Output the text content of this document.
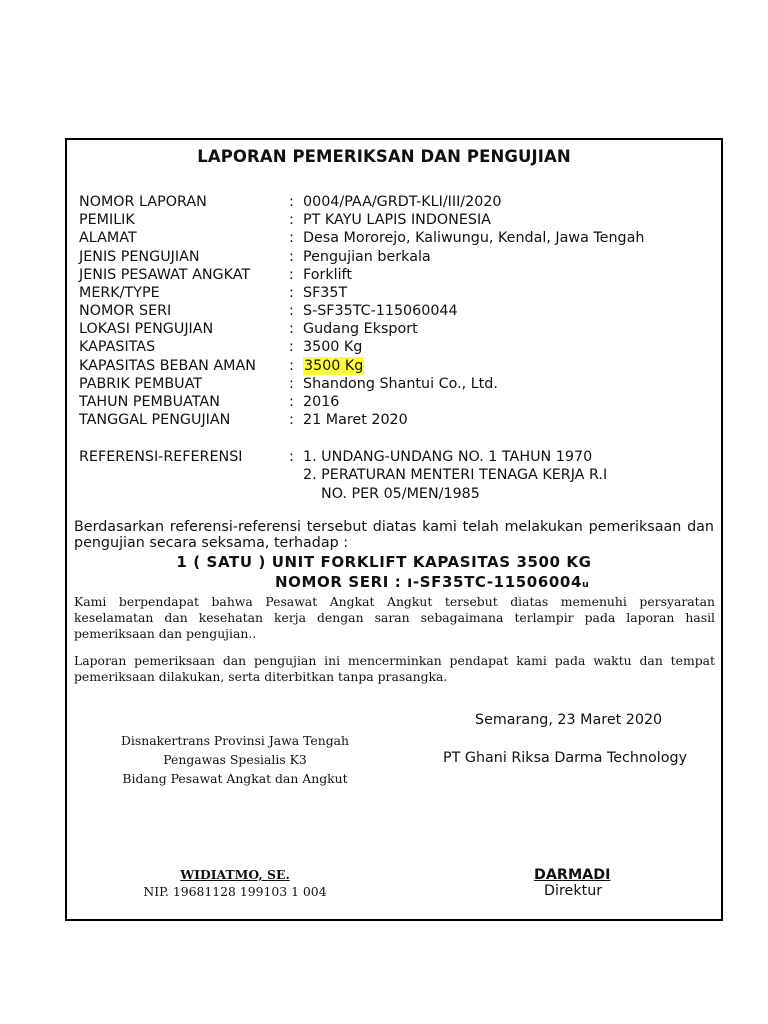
LAPORAN PEMERIKSAN DAN PENGUJIAN
NOMOR LAPORAN	: 0004/PAA/GRDT-KLI/III/2020
PEMILIK	: PT KAYU LAPIS INDONESIA
ALAMAT	: Desa Mororejo, Kaliwungu, Kendal, Jawa Tengah
JENIS PENGUJIAN	: Pengujian berkala
JENIS PESAWAT ANGKAT	: Forklift
MERK/TYPE	: SF35T
NOMOR SERI	: S-SF35TC-115060044
LOKASI PENGUJIAN	: Gudang Eksport
KAPASITAS	: 3500 Kg
KAPASITAS BEBAN AMAN : 3500 Kg
PABRIK PEMBUAT	: Shandong Shantui Co., Ltd.
TAHUN PEMBUATAN	: 2016
TANGGAL PENGUJIAN	: 21 Maret 2020
REFERENSI-REFERENSI	: 1. UNDANG-UNDANG NO. 1 TAHUN 1970
2. PERATURAN MENTERI TENAGA KERJA R.I
NO. PER 05/MEN/1985
Berdasarkan referensi-referensi tersebut diatas kami telah melakukan pemeriksaan dan pengujian secara seksama, terhadap :
1 ( SATU ) UNIT FORKLIFT KAPASITAS 3500 KG
NOMOR SERI : ı-SF35TC-11506004ᵤ
Kami berpendapat bahwa Pesawat Angkat Angkut tersebut diatas memenuhi persyaratan keselamatan dan kesehatan kerja dengan saran sebagaimana terlampir pada laporan hasil pemeriksaan dan pengujian..
Laporan pemeriksaan dan pengujian ini mencerminkan pendapat kami pada waktu dan tempat pemeriksaan dilakukan, serta diterbitkan tanpa prasangka.
Semarang, 23 Maret 2020
PT Ghani Riksa Darma Technology
Disnakertrans Provinsi Jawa Tengah
Pengawas Spesialis K3
Bidang Pesawat Angkat dan Angkut
WIDIATMO, SE.
NIP. 19681128 199103 1 004
DARMADI
Direktur
